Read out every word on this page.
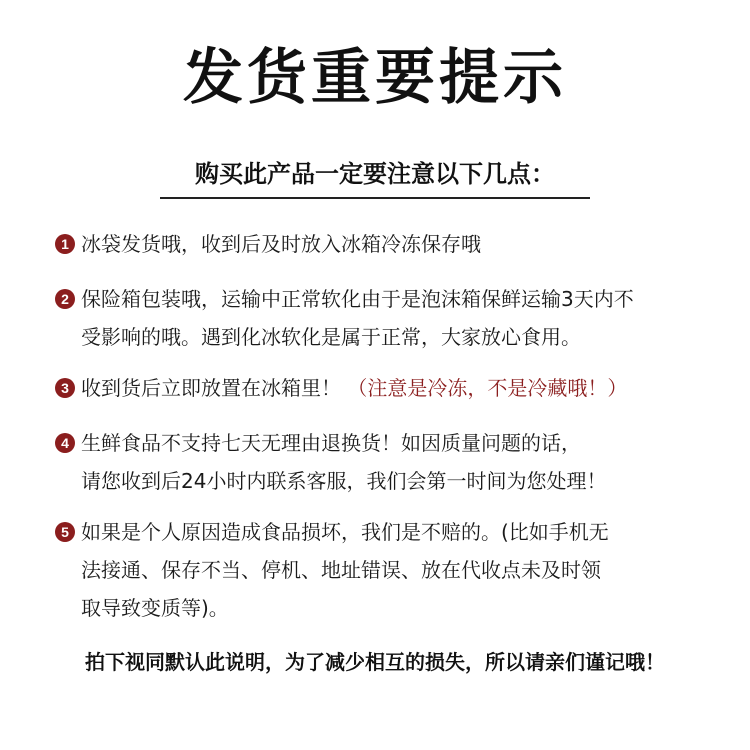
发货重要提示
购买此产品一定要注意以下几点：
1 冰袋发货哦，收到后及时放入冰箱冷冻保存哦
2 保险箱包装哦，运输中正常软化由于是泡沫箱保鲜运输3天内不
受影响的哦。遇到化冰软化是属于正常，大家放心食用。
3 收到货后立即放置在冰箱里！ （注意是冷冻，不是冷藏哦！）
4 生鲜食品不支持七天无理由退换货！如因质量问题的话，
请您收到后24小时内联系客服，我们会第一时间为您处理！
5 如果是个人原因造成食品损坏，我们是不赔的。(比如手机无
法接通、保存不当、停机、地址错误、放在代收点未及时领
取导致变质等)。
拍下视同默认此说明，为了减少相互的损失，所以请亲们谨记哦！
